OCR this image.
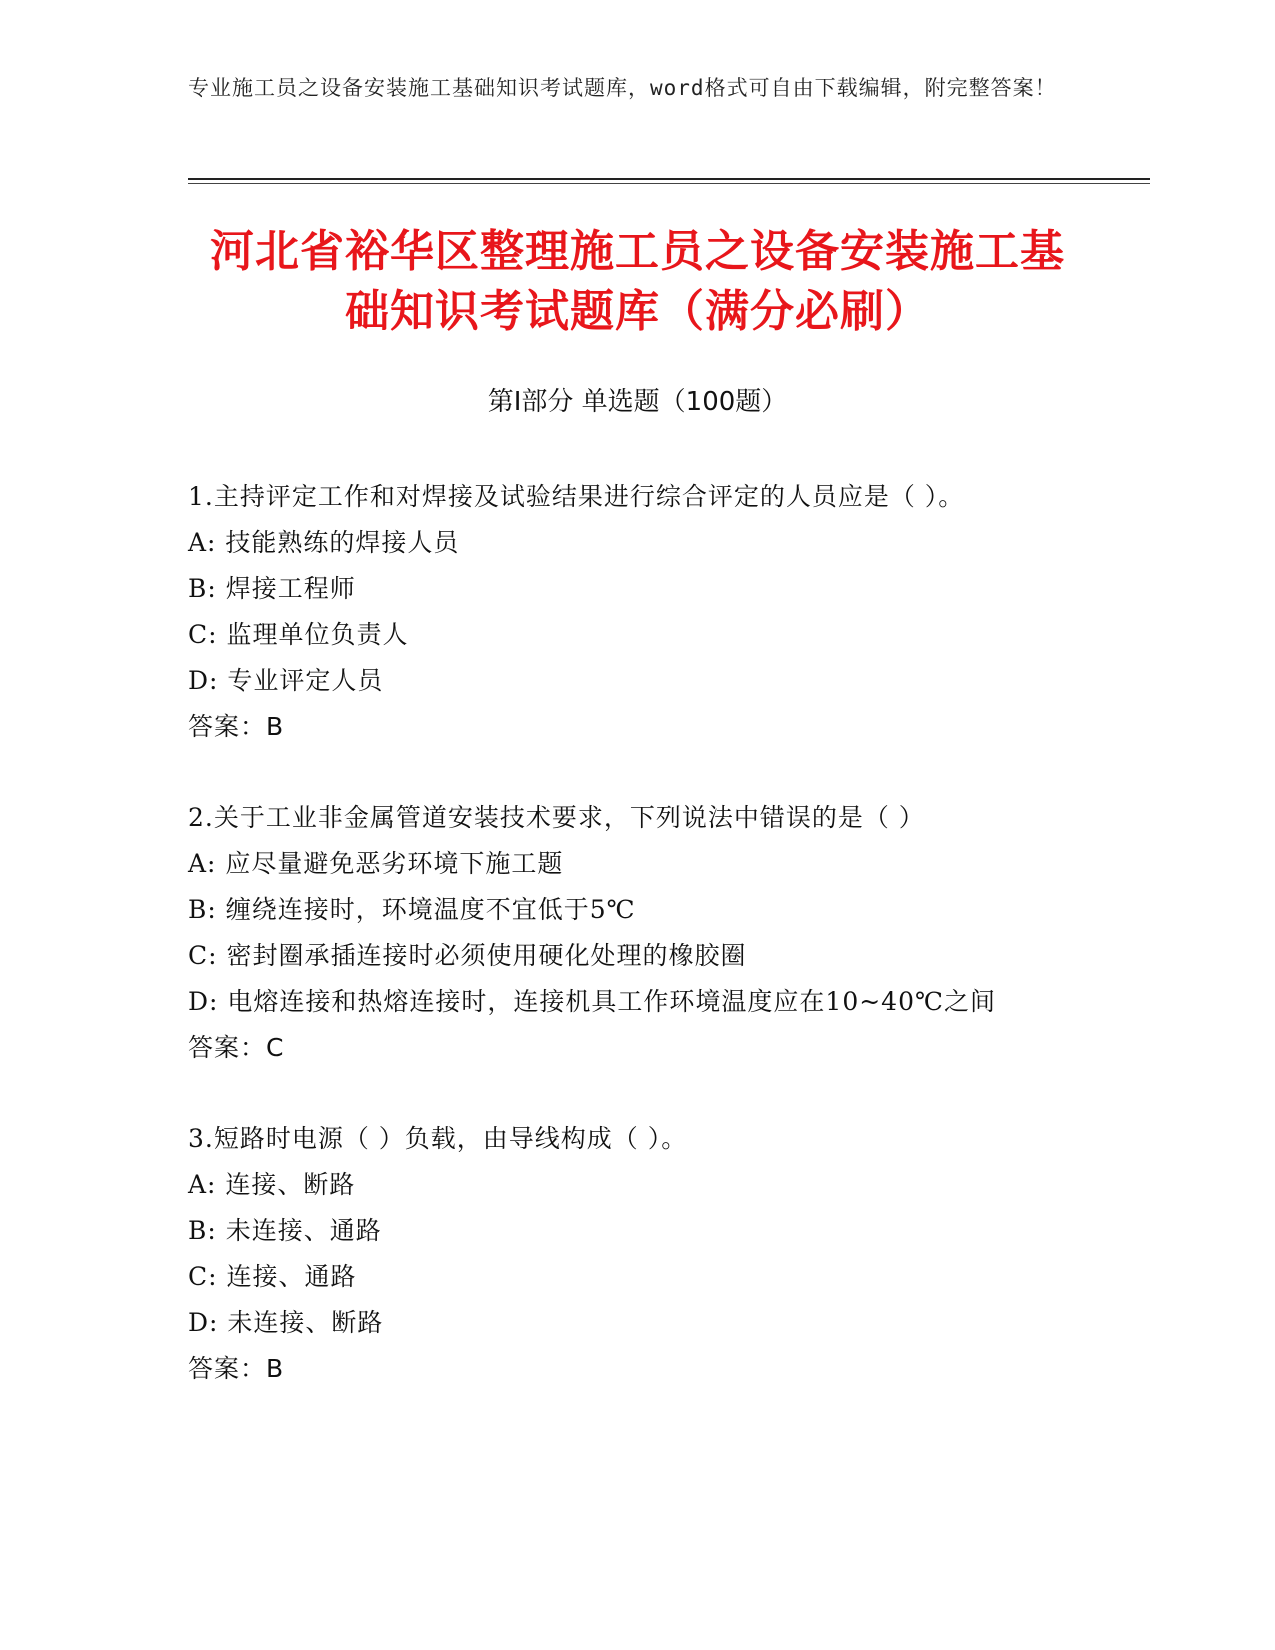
专业施工员之设备安装施工基础知识考试题库，word格式可自由下载编辑，附完整答案！
河北省裕华区整理施工员之设备安装施工基
础知识考试题库（满分必刷）
第I部分 单选题（100题）
1.主持评定工作和对焊接及试验结果进行综合评定的人员应是（ ）。
A: 技能熟练的焊接人员
B: 焊接工程师
C: 监理单位负责人
D: 专业评定人员
答案：B
2.关于工业非金属管道安装技术要求，下列说法中错误的是（ ）
A: 应尽量避免恶劣环境下施工题
B: 缠绕连接时，环境温度不宜低于5℃
C: 密封圈承插连接时必须使用硬化处理的橡胶圈
D: 电熔连接和热熔连接时，连接机具工作环境温度应在10~40℃之间
答案：C
3.短路时电源（ ）负载，由导线构成（ ）。
A: 连接、断路
B: 未连接、通路
C: 连接、通路
D: 未连接、断路
答案：B
